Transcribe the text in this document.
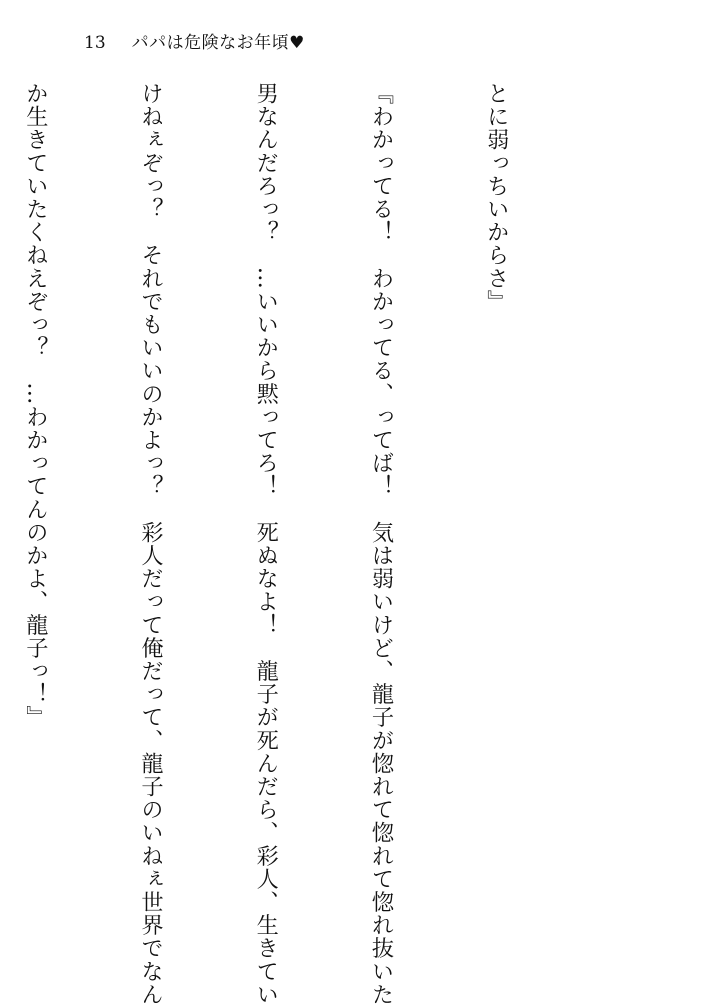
13 パパは危険なお年頃♥

とに弱っちいからさ』

『わかってる！　わかってる、ってば！　気は弱いけど、龍子が惚れて惚れて惚れ抜いた

男なんだろっ？　…いいから黙ってろ！　死ぬなよ！　龍子が死んだら、彩人、生きてい

けねぇぞっ？　それでもいいのかよっ？　彩人だって俺だって、龍子のいねぇ世界でなん

か生きていたくねえぞっ？　…わかってんのかよ、龍子っ！』
